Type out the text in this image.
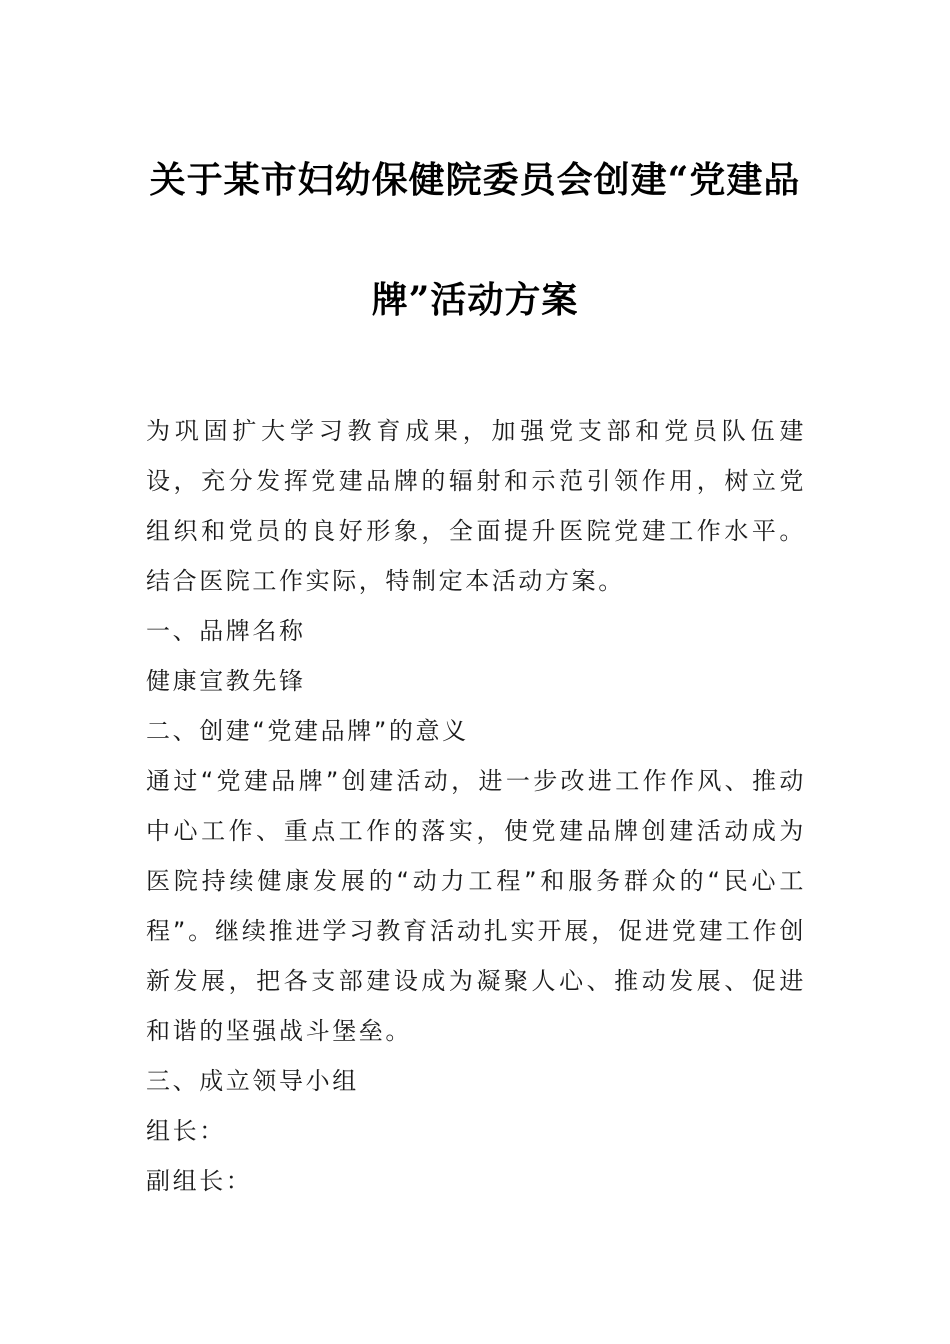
关于某市妇幼保健院委员会创建“党建品
牌”活动方案

为巩固扩大学习教育成果，加强党支部和党员队伍建设，充分发挥党建品牌的辐射和示范引领作用，树立党组织和党员的良好形象，全面提升医院党建工作水平。结合医院工作实际，特制定本活动方案。

一、品牌名称

健康宣教先锋

二、创建“党建品牌”的意义

通过“党建品牌”创建活动，进一步改进工作作风、推动中心工作、重点工作的落实，使党建品牌创建活动成为医院持续健康发展的“动力工程”和服务群众的“民心工程”。继续推进学习教育活动扎实开展，促进党建工作创新发展，把各支部建设成为凝聚人心、推动发展、促进和谐的坚强战斗堡垒。

三、成立领导小组

组长：

副组长：
